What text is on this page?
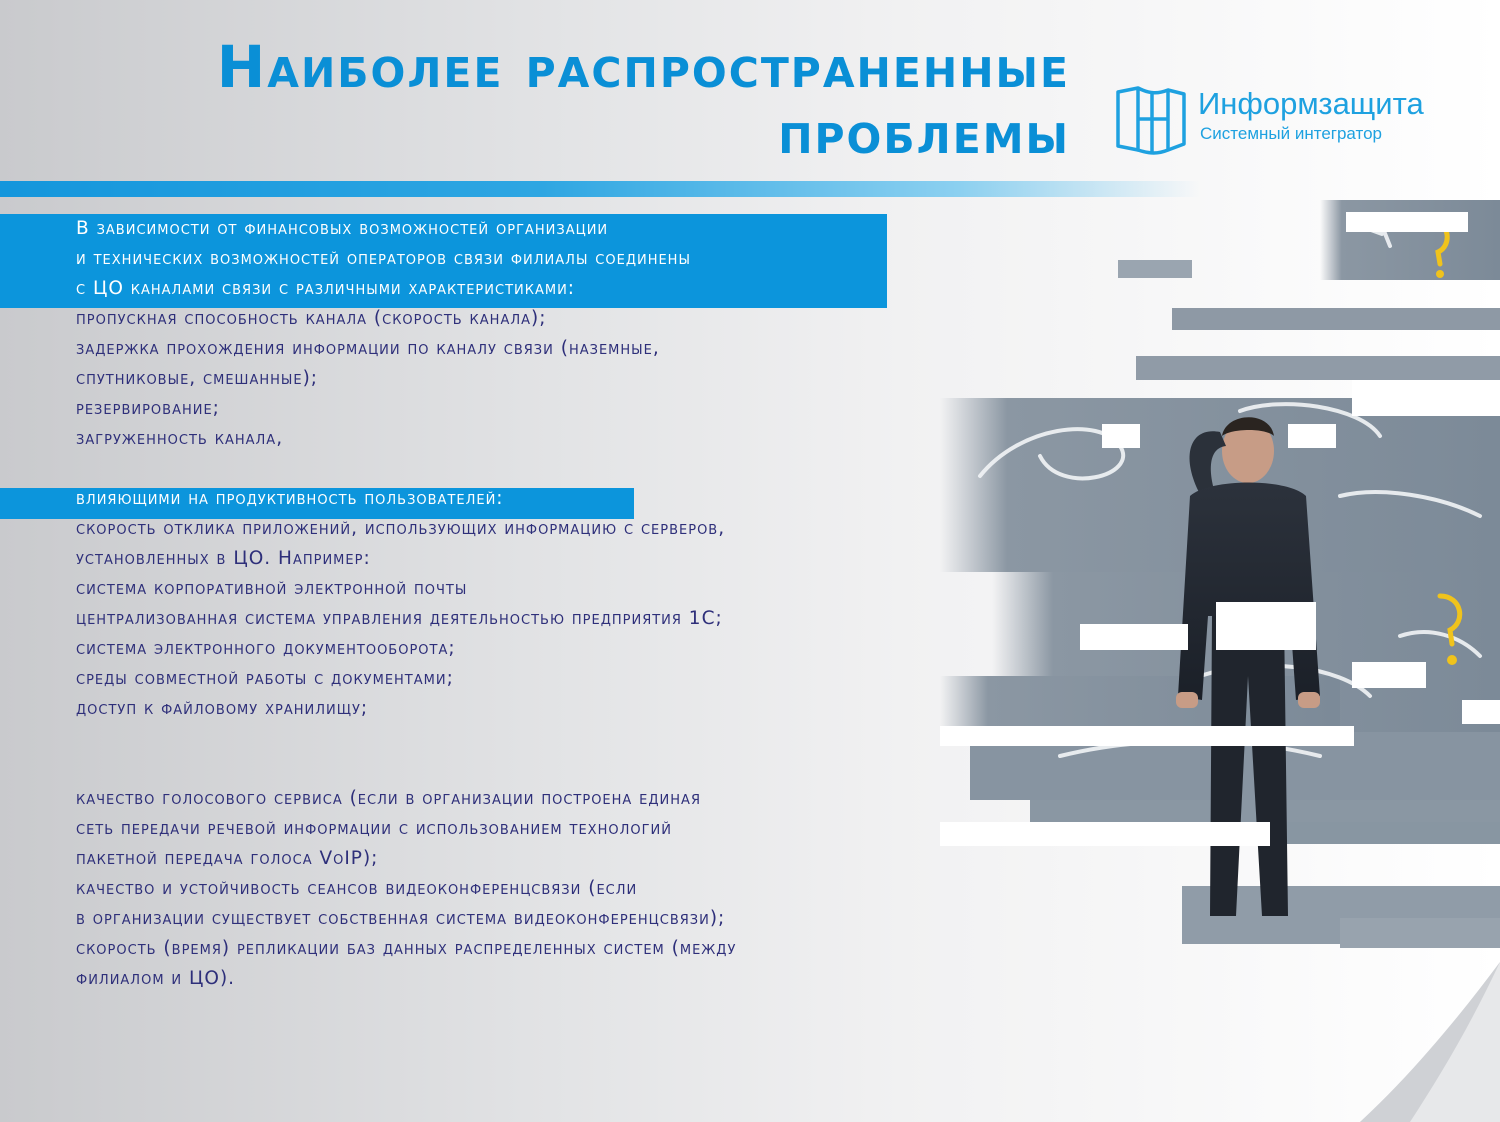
Наиболее распространенные
проблемы	Информзащита
Системный интегратор

В зависимости от финансовых возможностей организации

и технических возможностей операторов связи филиалы соединены

с ЦО каналами связи с различными характеристиками:

пропускная способность канала (скорость канала);

задержка прохождения информации по каналу связи (наземные,

спутниковые, смешанные);

резервирование;

загруженность канала,

влияющими на продуктивность пользователей:

скорость отклика приложений, использующих информацию с серверов,

установленных в ЦО. Например:

система корпоративной электронной почты

централизованная система управления деятельностью предприятия 1С;

система электронного документооборота;

среды совместной работы с документами;

доступ к файловому хранилищу;

качество голосового сервиса (если в организации построена единая

сеть передачи речевой информации с использованием технологий

пакетной передача голоса VoIP);

качество и устойчивость сеансов видеоконференцсвязи (если

в организации существует собственная система видеоконференцсвязи);

скорость (время) репликации баз данных распределенных систем (между

филиалом и ЦО).
